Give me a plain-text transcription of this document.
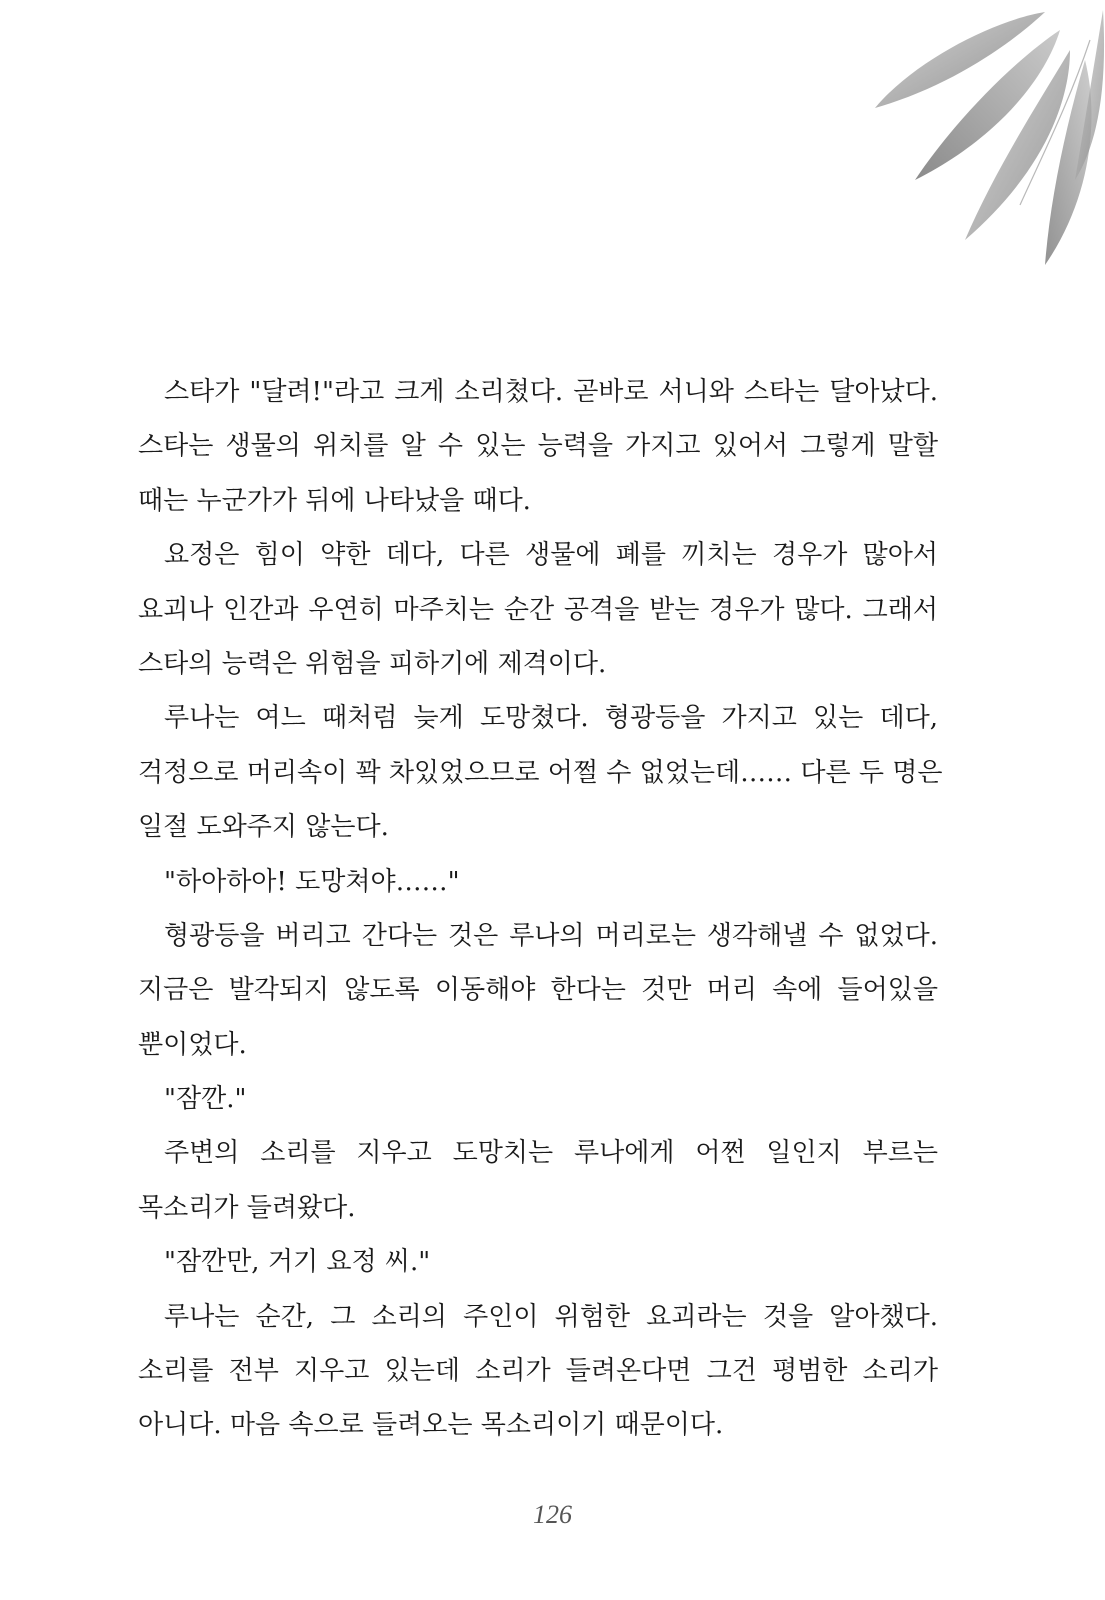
스타가 "달려!"라고 크게 소리쳤다. 곧바로 서니와 스타는 달아났다.
스타는 생물의 위치를 알 수 있는 능력을 가지고 있어서 그렇게 말할
때는 누군가가 뒤에 나타났을 때다.
요정은 힘이 약한 데다, 다른 생물에 폐를 끼치는 경우가 많아서
요괴나 인간과 우연히 마주치는 순간 공격을 받는 경우가 많다. 그래서
스타의 능력은 위험을 피하기에 제격이다.
루나는 여느 때처럼 늦게 도망쳤다. 형광등을 가지고 있는 데다,
걱정으로 머리속이 꽉 차있었으므로 어쩔 수 없었는데…… 다른 두 명은
일절 도와주지 않는다.
"하아하아! 도망쳐야……"
형광등을 버리고 간다는 것은 루나의 머리로는 생각해낼 수 없었다.
지금은 발각되지 않도록 이동해야 한다는 것만 머리 속에 들어있을
뿐이었다.
"잠깐."
주변의 소리를 지우고 도망치는 루나에게 어쩐 일인지 부르는
목소리가 들려왔다.
"잠깐만, 거기 요정 씨."
루나는 순간, 그 소리의 주인이 위험한 요괴라는 것을 알아챘다.
소리를 전부 지우고 있는데 소리가 들려온다면 그건 평범한 소리가
아니다. 마음 속으로 들려오는 목소리이기 때문이다.
126
